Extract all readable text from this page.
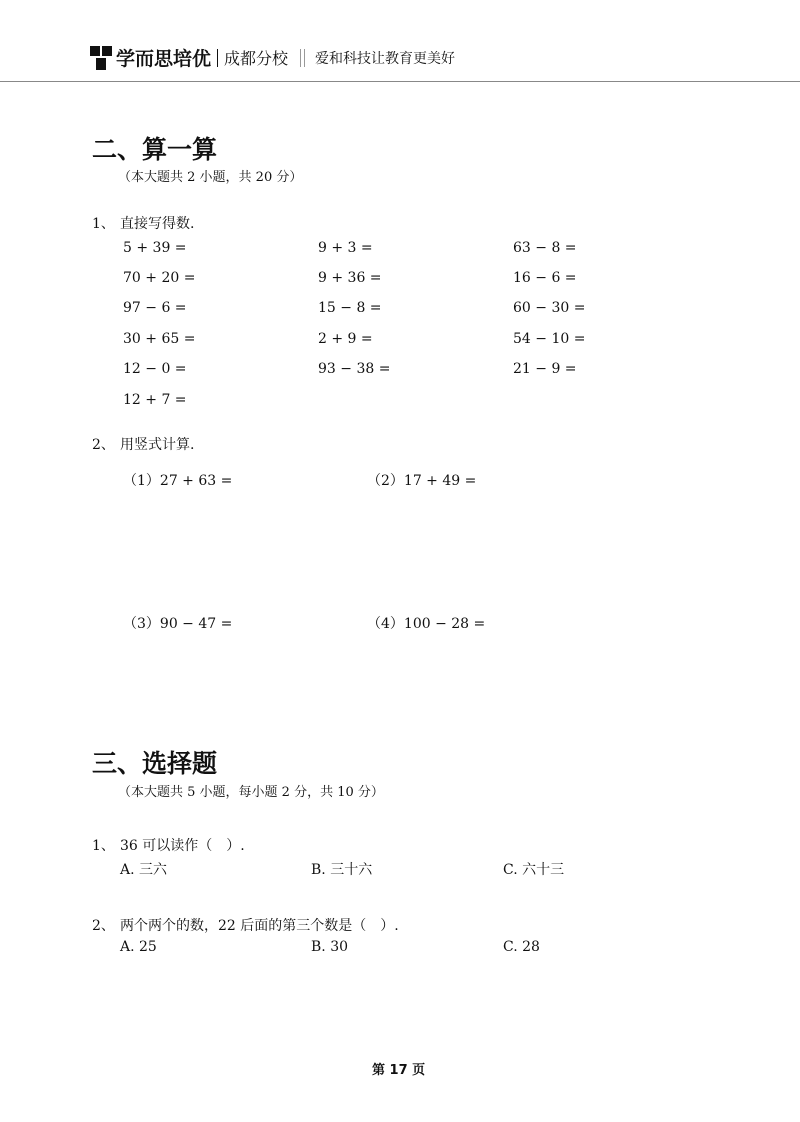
学而思培优 成都分校 爱和科技让教育更美好
二、算一算
（本大题共 2 小题，共 20 分）
1、 直接写得数.
5 + 39 =	9 + 3 =	63 − 8 =
70 + 20 =	9 + 36 =	16 − 6 =
97 − 6 =	15 − 8 =	60 − 30 =
30 + 65 =	2 + 9 =	54 − 10 =
12 − 0 =	93 − 38 =	21 − 9 =
12 + 7 =
2、 用竖式计算.
（1）27 + 63 =	（2）17 + 49 =
（3）90 − 47 =	（4）100 − 28 =
三、选择题
（本大题共 5 小题，每小题 2 分，共 10 分）
1、 36 可以读作（　）.
A. 三六	B. 三十六	C. 六十三
2、 两个两个的数，22 后面的第三个数是（　）.
A. 25	B. 30	C. 28
第 17 页
